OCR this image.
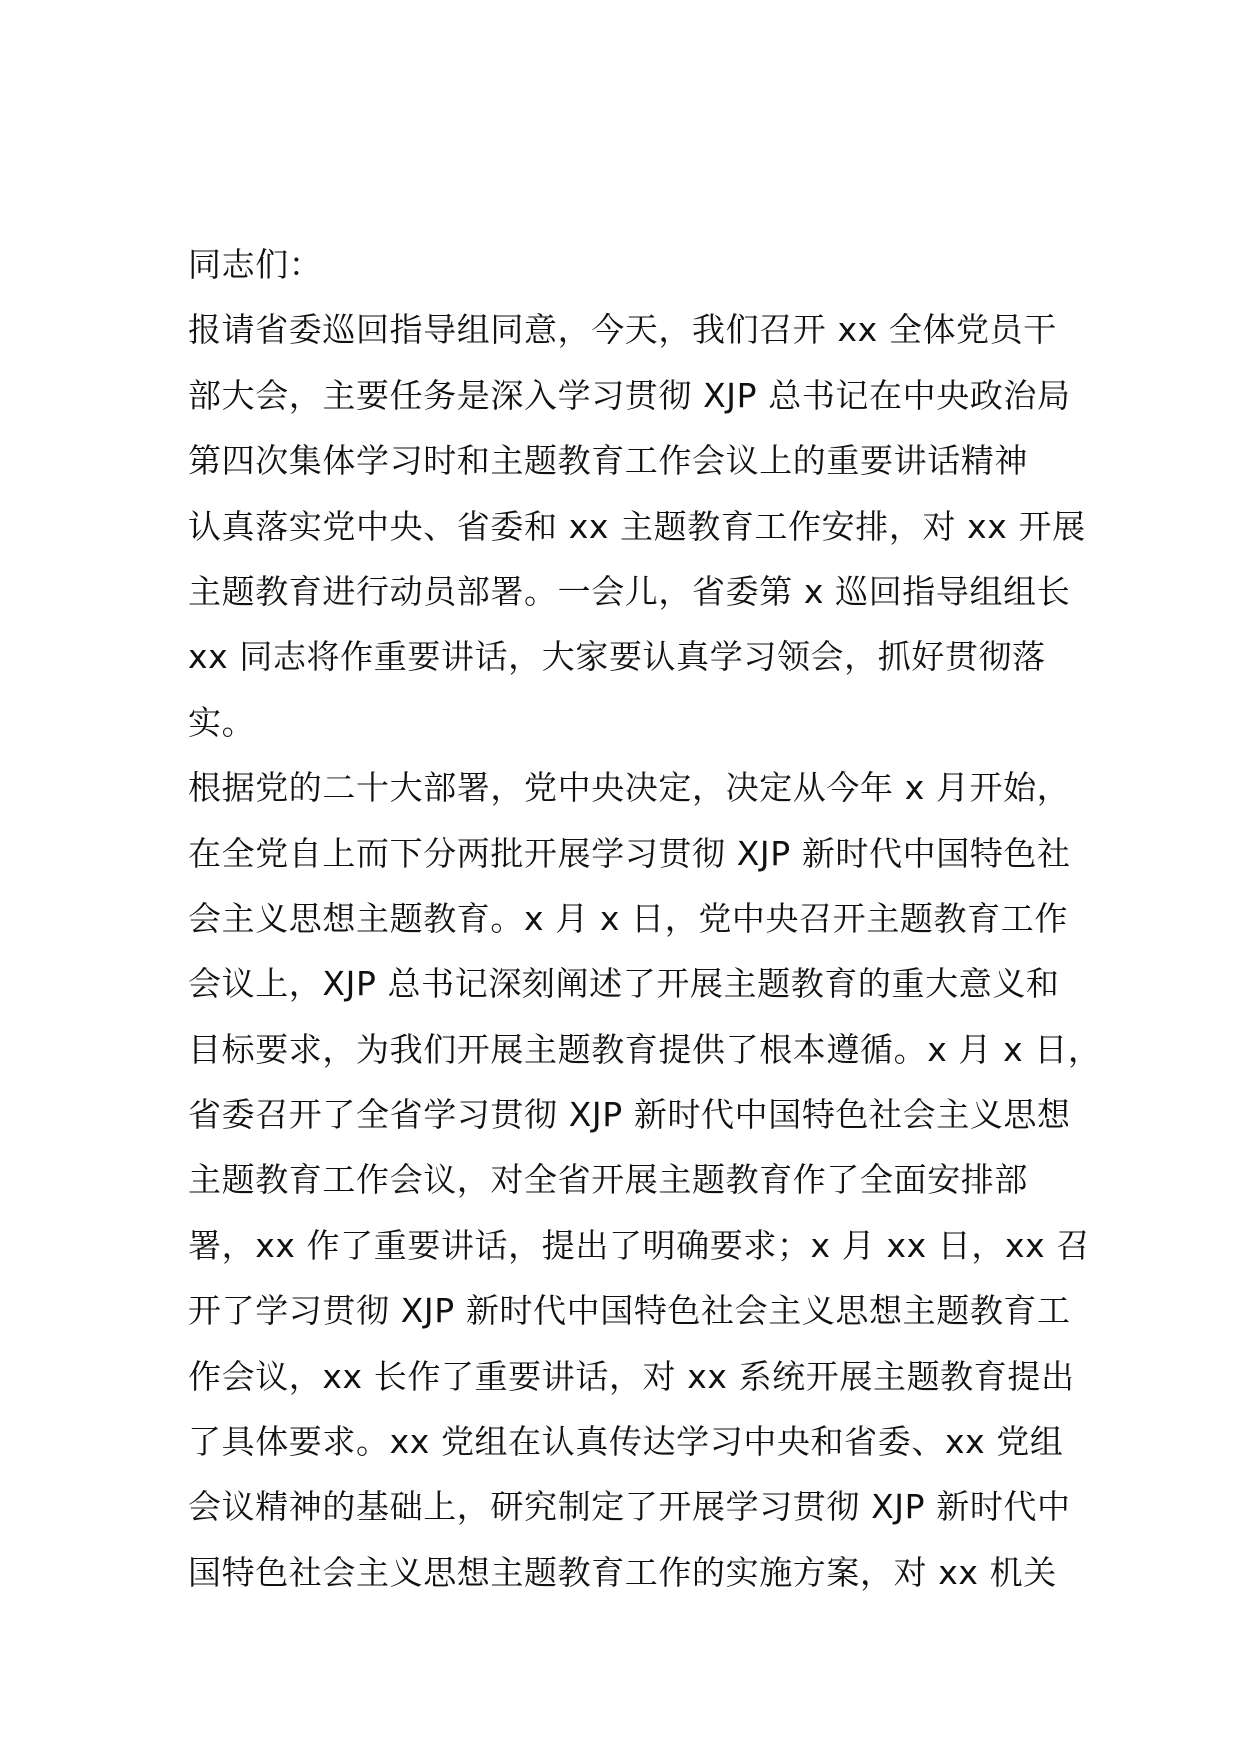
同志们：
报请省委巡回指导组同意，今天，我们召开 xx 全体党员干
部大会，主要任务是深入学习贯彻 XJP 总书记在中央政治局
第四次集体学习时和主题教育工作会议上的重要讲话精神
认真落实党中央、省委和 xx 主题教育工作安排，对 xx 开展
主题教育进行动员部署。一会儿，省委第 x 巡回指导组组长
xx 同志将作重要讲话，大家要认真学习领会，抓好贯彻落
实。
根据党的二十大部署，党中央决定，决定从今年 x 月开始，
在全党自上而下分两批开展学习贯彻 XJP 新时代中国特色社
会主义思想主题教育。x 月 x 日，党中央召开主题教育工作
会议上，XJP 总书记深刻阐述了开展主题教育的重大意义和
目标要求，为我们开展主题教育提供了根本遵循。x 月 x 日，
省委召开了全省学习贯彻 XJP 新时代中国特色社会主义思想
主题教育工作会议，对全省开展主题教育作了全面安排部
署，xx 作了重要讲话，提出了明确要求；x 月 xx 日，xx 召
开了学习贯彻 XJP 新时代中国特色社会主义思想主题教育工
作会议，xx 长作了重要讲话，对 xx 系统开展主题教育提出
了具体要求。xx 党组在认真传达学习中央和省委、xx 党组
会议精神的基础上，研究制定了开展学习贯彻 XJP 新时代中
国特色社会主义思想主题教育工作的实施方案，对 xx 机关
